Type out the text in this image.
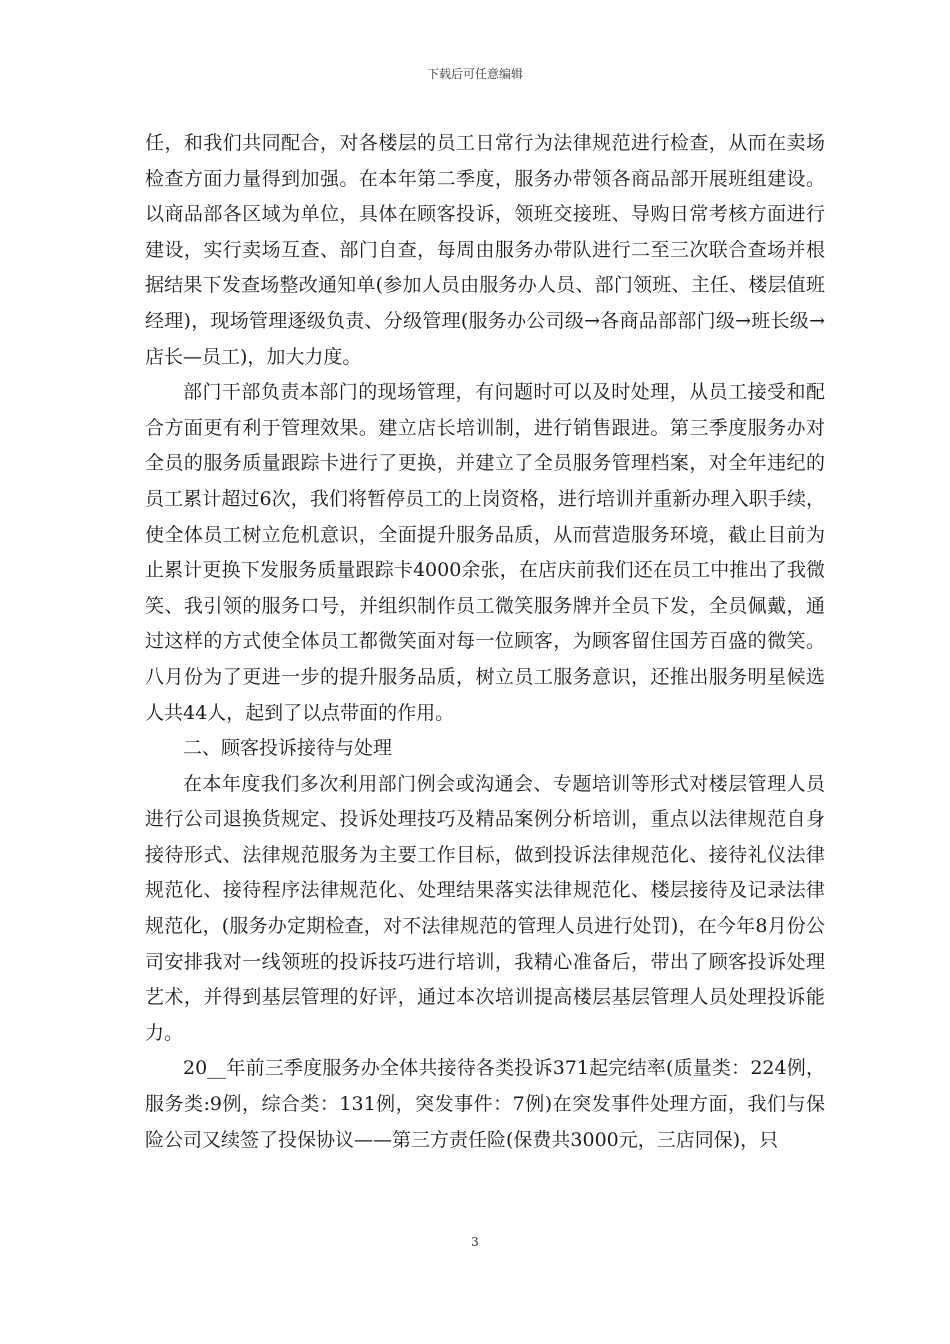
下载后可任意编辑

任，和我们共同配合，对各楼层的员工日常行为法律规范进行检查，从而在卖场检查方面力量得到加强。在本年第二季度，服务办带领各商品部开展班组建设。以商品部各区域为单位，具体在顾客投诉，领班交接班、导购日常考核方面进行建设，实行卖场互查、部门自查，每周由服务办带队进行二至三次联合查场并根据结果下发查场整改通知单(参加人员由服务办人员、部门领班、主任、楼层值班经理)，现场管理逐级负责、分级管理(服务办公司级→各商品部部门级→班长级→店长—员工)，加大力度。

部门干部负责本部门的现场管理，有问题时可以及时处理，从员工接受和配合方面更有利于管理效果。建立店长培训制，进行销售跟进。第三季度服务办对全员的服务质量跟踪卡进行了更换，并建立了全员服务管理档案，对全年违纪的员工累计超过6次，我们将暂停员工的上岗资格，进行培训并重新办理入职手续，使全体员工树立危机意识，全面提升服务品质，从而营造服务环境，截止目前为止累计更换下发服务质量跟踪卡4000余张，在店庆前我们还在员工中推出了我微笑、我引领的服务口号，并组织制作员工微笑服务牌并全员下发，全员佩戴，通过这样的方式使全体员工都微笑面对每一位顾客，为顾客留住国芳百盛的微笑。八月份为了更进一步的提升服务品质，树立员工服务意识，还推出服务明星候选人共44人，起到了以点带面的作用。

二、顾客投诉接待与处理

在本年度我们多次利用部门例会或沟通会、专题培训等形式对楼层管理人员进行公司退换货规定、投诉处理技巧及精品案例分析培训，重点以法律规范自身接待形式、法律规范服务为主要工作目标，做到投诉法律规范化、接待礼仪法律规范化、接待程序法律规范化、处理结果落实法律规范化、楼层接待及记录法律规范化，(服务办定期检查，对不法律规范的管理人员进行处罚)，在今年8月份公司安排我对一线领班的投诉技巧进行培训，我精心准备后，带出了顾客投诉处理艺术，并得到基层管理的好评，通过本次培训提高楼层基层管理人员处理投诉能力。

20__年前三季度服务办全体共接待各类投诉371起完结率(质量类：224例，服务类:9例，综合类：131例，突发事件：7例)在突发事件处理方面，我们与保险公司又续签了投保协议——第三方责任险(保费共3000元，三店同保)，只

3
